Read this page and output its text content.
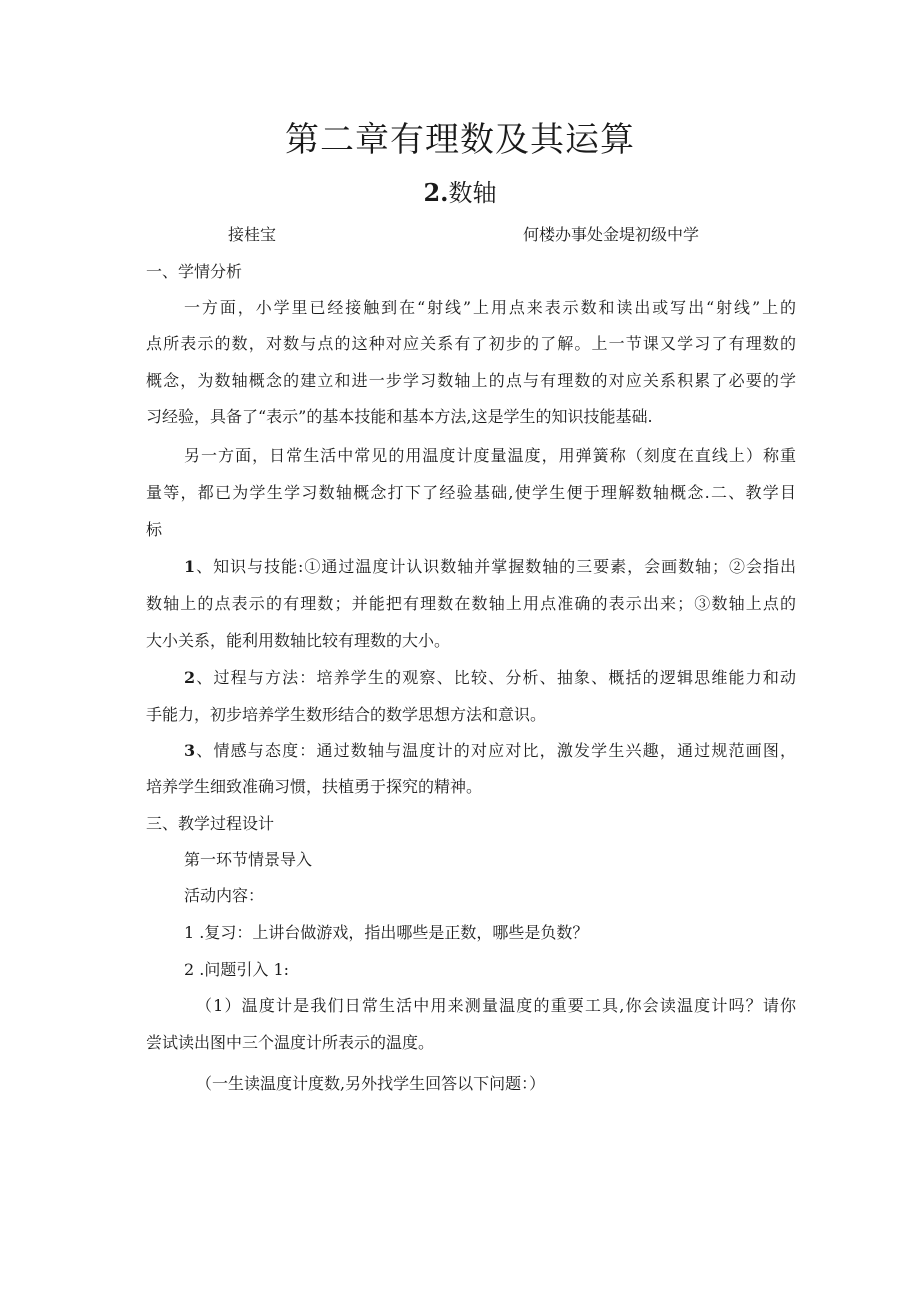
第二章有理数及其运算
2.数轴
接桂宝	何楼办事处金堤初级中学
一、学情分析
一方面，小学里已经接触到在“射线”上用点来表示数和读出或写出“射线”上的
点所表示的数，对数与点的这种对应关系有了初步的了解。上一节课又学习了有理数的
概念，为数轴概念的建立和进一步学习数轴上的点与有理数的对应关系积累了必要的学
习经验，具备了“表示”的基本技能和基本方法,这是学生的知识技能基础.
另一方面，日常生活中常见的用温度计度量温度，用弹簧称（刻度在直线上）称重
量等，都已为学生学习数轴概念打下了经验基础,使学生便于理解数轴概念.二、教学目
标
1、知识与技能:①通过温度计认识数轴并掌握数轴的三要素，会画数轴；②会指出
数轴上的点表示的有理数；并能把有理数在数轴上用点准确的表示出来；③数轴上点的
大小关系，能利用数轴比较有理数的大小。
2、过程与方法：培养学生的观察、比较、分析、抽象、概括的逻辑思维能力和动
手能力，初步培养学生数形结合的数学思想方法和意识。
3、情感与态度：通过数轴与温度计的对应对比，激发学生兴趣，通过规范画图，
培养学生细致准确习惯，扶植勇于探究的精神。
三、教学过程设计
第一环节情景导入
活动内容：
1 .复习：上讲台做游戏，指出哪些是正数，哪些是负数？
2 .问题引入 1:
（1）温度计是我们日常生活中用来测量温度的重要工具,你会读温度计吗？请你
尝试读出图中三个温度计所表示的温度。
（一生读温度计度数,另外找学生回答以下问题：）
